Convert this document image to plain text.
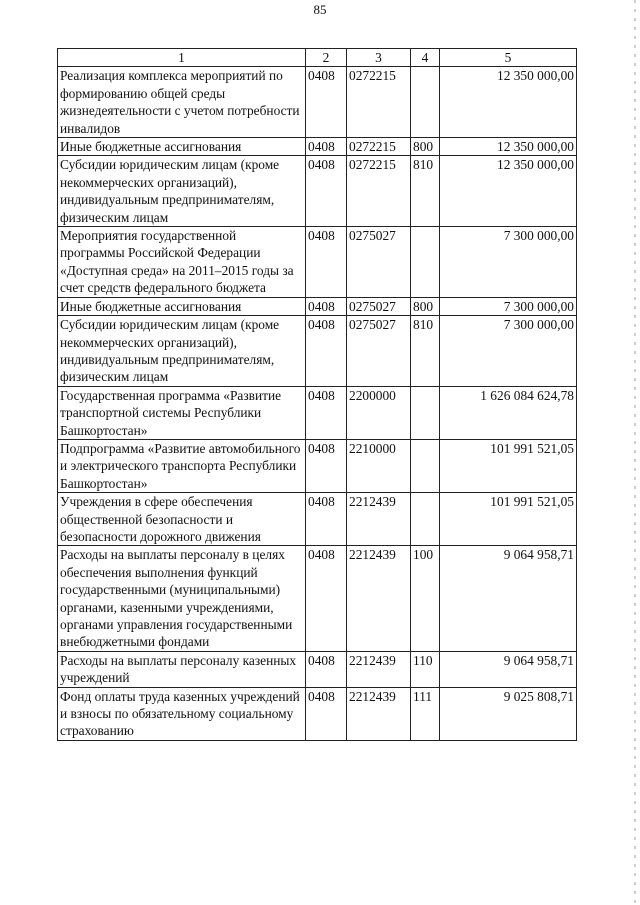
85
1	2	3	4	5
Реализация комплекса мероприятий по формированию общей среды жизнедеятельности с учетом потребности инвалидов	0408	0272215		12 350 000,00
Иные бюджетные ассигнования	0408	0272215	800	12 350 000,00
Субсидии юридическим лицам (кроме некоммерческих организаций), индивидуальным предпринимателям, физическим лицам	0408	0272215	810	12 350 000,00
Мероприятия государственной программы Российской Федерации «Доступная среда» на 2011–2015 годы за счет средств федерального бюджета	0408	0275027		7 300 000,00
Иные бюджетные ассигнования	0408	0275027	800	7 300 000,00
Субсидии юридическим лицам (кроме некоммерческих организаций), индивидуальным предпринимателям, физическим лицам	0408	0275027	810	7 300 000,00
Государственная программа «Развитие транспортной системы Республики Башкортостан»	0408	2200000		1 626 084 624,78
Подпрограмма «Развитие автомобильного и электрического транспорта Республики Башкортостан»	0408	2210000		101 991 521,05
Учреждения в сфере обеспечения общественной безопасности и безопасности дорожного движения	0408	2212439		101 991 521,05
Расходы на выплаты персоналу в целях обеспечения выполнения функций государственными (муниципальными) органами, казенными учреждениями, органами управления государственными внебюджетными фондами	0408	2212439	100	9 064 958,71
Расходы на выплаты персоналу казенных учреждений	0408	2212439	110	9 064 958,71
Фонд оплаты труда казенных учреждений и взносы по обязательному социальному страхованию	0408	2212439	111	9 025 808,71
